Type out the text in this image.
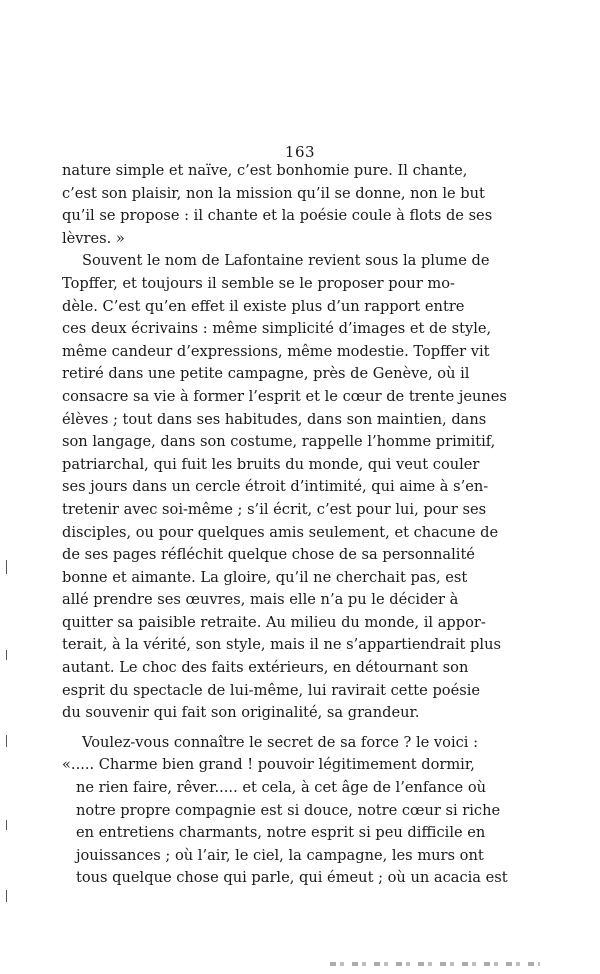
163
nature simple et naïve, c’est bonhomie pure. Il chante,
c’est son plaisir, non la mission qu’il se donne, non le but
qu’il se propose : il chante et la poésie coule à flots de ses
lèvres. »
Souvent le nom de Lafontaine revient sous la plume de
Topffer, et toujours il semble se le proposer pour mo-
dèle. C’est qu’en effet il existe plus d’un rapport entre
ces deux écrivains : même simplicité d’images et de style,
même candeur d’expressions, même modestie. Topffer vit
retiré dans une petite campagne, près de Genève, où il
consacre sa vie à former l’esprit et le cœur de trente jeunes
élèves ; tout dans ses habitudes, dans son maintien, dans
son langage, dans son costume, rappelle l’homme primitif,
patriarchal, qui fuit les bruits du monde, qui veut couler
ses jours dans un cercle étroit d’intimité, qui aime à s’en-
tretenir avec soi-même ; s’il écrit, c’est pour lui, pour ses
disciples, ou pour quelques amis seulement, et chacune de
de ses pages réfléchit quelque chose de sa personnalité
bonne et aimante. La gloire, qu’il ne cherchait pas, est
allé prendre ses œuvres, mais elle n’a pu le décider à
quitter sa paisible retraite. Au milieu du monde, il appor-
terait, à la vérité, son style, mais il ne s’appartiendrait plus
autant. Le choc des faits extérieurs, en détournant son
esprit du spectacle de lui-même, lui ravirait cette poésie
du souvenir qui fait son originalité, sa grandeur.
Voulez-vous connaître le secret de sa force ? le voici :
«..... Charme bien grand ! pouvoir légitimement dormir,
ne rien faire, rêver..... et cela, à cet âge de l’enfance où
notre propre compagnie est si douce, notre cœur si riche
en entretiens charmants, notre esprit si peu difficile en
jouissances ; où l’air, le ciel, la campagne, les murs ont
tous quelque chose qui parle, qui émeut ; où un acacia est
